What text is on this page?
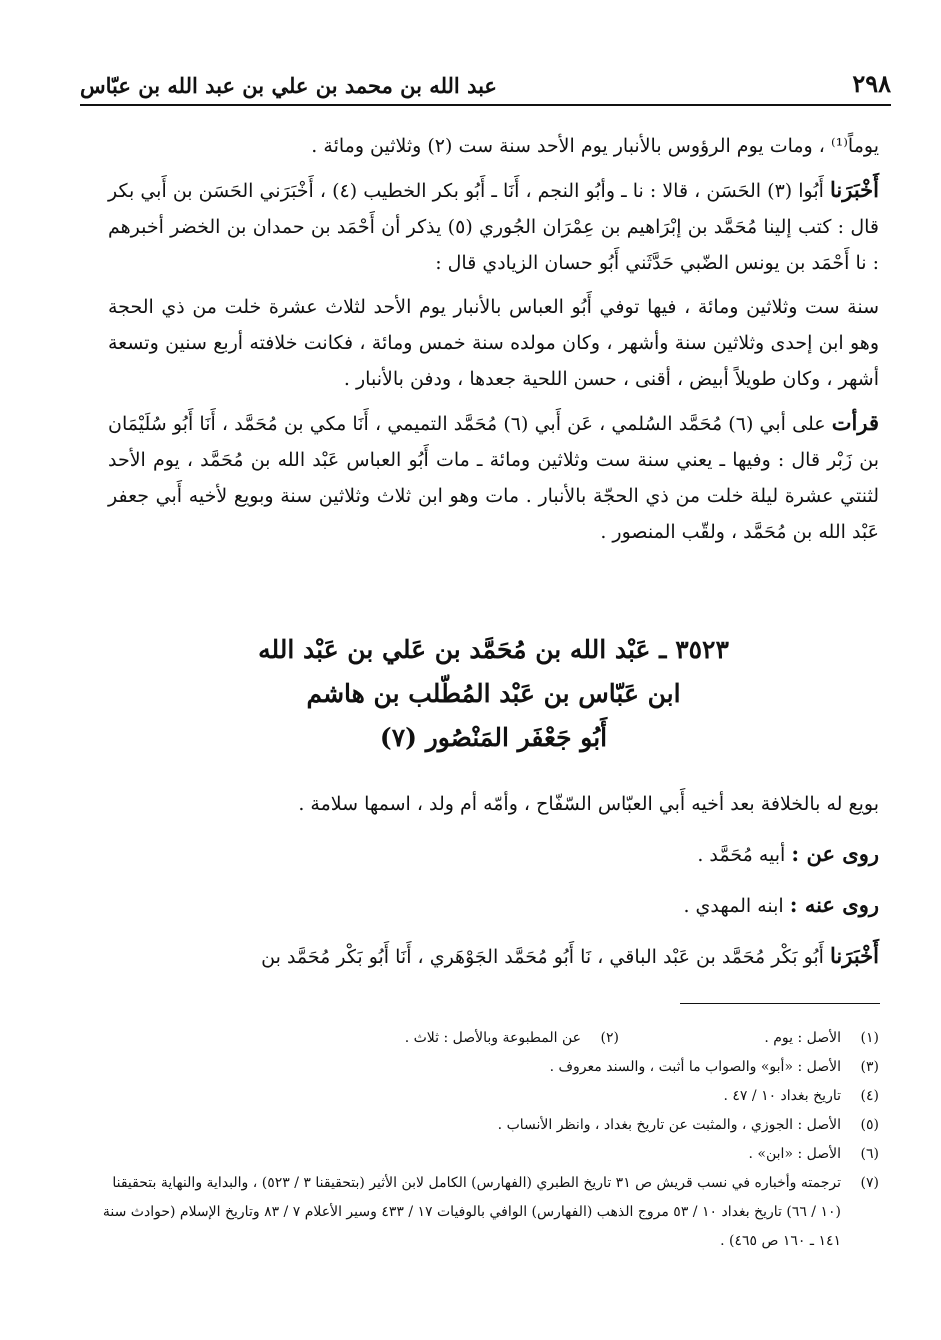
عبد الله بن محمد بن علي بن عبد الله بن عبّاس	٢٩٨

يوماً⁽¹⁾ ، ومات يوم الرؤوس بالأنبار يوم الأحد سنة ست (٢) وثلاثين ومائة .

أَخْبَرَنا أَبُوا (٣) الحَسَن ، قالا : نا ـ وأبُو النجم ، أَنَا ـ أَبُو بكر الخطيب (٤) ، أَخْبَرَني الحَسَن بن أَبي بكر قال : كتب إلينا مُحَمَّد بن إبْرَاهيم بن عِمْرَان الجُوري (٥) يذكر أن أَحْمَد بن حمدان بن الخضر أخبرهم : نا أَحْمَد بن يونس الضّبي حَدَّثَني أَبُو حسان الزيادي قال :

سنة ست وثلاثين ومائة ، فيها توفي أَبُو العباس بالأنبار يوم الأحد لثلاث عشرة خلت من ذي الحجة وهو ابن إحدى وثلاثين سنة وأشهر ، وكان مولده سنة خمس ومائة ، فكانت خلافته أربع سنين وتسعة أشهر ، وكان طويلاً أبيض ، أقنى ، حسن اللحية جعدها ، ودفن بالأنبار .

قرأت على أبي (٦) مُحَمَّد السُلمي ، عَن أَبي (٦) مُحَمَّد التميمي ، أَنَا مكي بن مُحَمَّد ، أَنَا أَبُو سُلَيْمَان بن زَبْر قال : وفيها ـ يعني سنة ست وثلاثين ومائة ـ مات أَبُو العباس عَبْد الله بن مُحَمَّد ، يوم الأحد لثنتي عشرة ليلة خلت من ذي الحجّة بالأنبار . مات وهو ابن ثلاث وثلاثين سنة وبويع لأخيه أَبي جعفر عَبْد الله بن مُحَمَّد ، ولقّب المنصور .

٣٥٢٣ ـ عَبْد الله بن مُحَمَّد بن عَلي بن عَبْد الله
ابن عَبّاس بن عَبْد المُطّلب بن هاشم
أَبُو جَعْفَر المَنْصُور (٧)

بويع له بالخلافة بعد أخيه أَبي العبّاس السّفّاح ، وأمّه أم ولد ، اسمها سلامة .

روى عن : أبيه مُحَمَّد .

روى عنه : ابنه المهدي .

أَخْبَرَنا أَبُو بَكْر مُحَمَّد بن عَبْد الباقي ، نَا أَبُو مُحَمَّد الجَوْهَري ، أَنَا أَبُو بَكْر مُحَمَّد بن

(١)
الأصل : يوم .
(٢)
عن المطبوعة وبالأصل : ثلاث .
(٣)
الأصل : «أبو» والصواب ما أثبت ، والسند معروف .
(٤)
تاريخ بغداد ١٠ / ٤٧ .
(٥)
الأصل : الجوزي ، والمثبت عن تاريخ بغداد ، وانظر الأنساب .
(٦)
الأصل : «ابن» .
(٧)
ترجمته وأخباره في نسب قريش ص ٣١ تاريخ الطبري (الفهارس) الكامل لابن الأثير (بتحقيقنا ٣ / ٥٢٣) ، والبداية والنهاية بتحقيقنا (١٠ / ٦٦) تاريخ بغداد ١٠ / ٥٣ مروج الذهب (الفهارس) الوافي بالوفيات ١٧ / ٤٣٣ وسير الأعلام ٧ / ٨٣ وتاريخ الإسلام (حوادث سنة ١٤١ ـ ١٦٠ ص ٤٦٥) .
